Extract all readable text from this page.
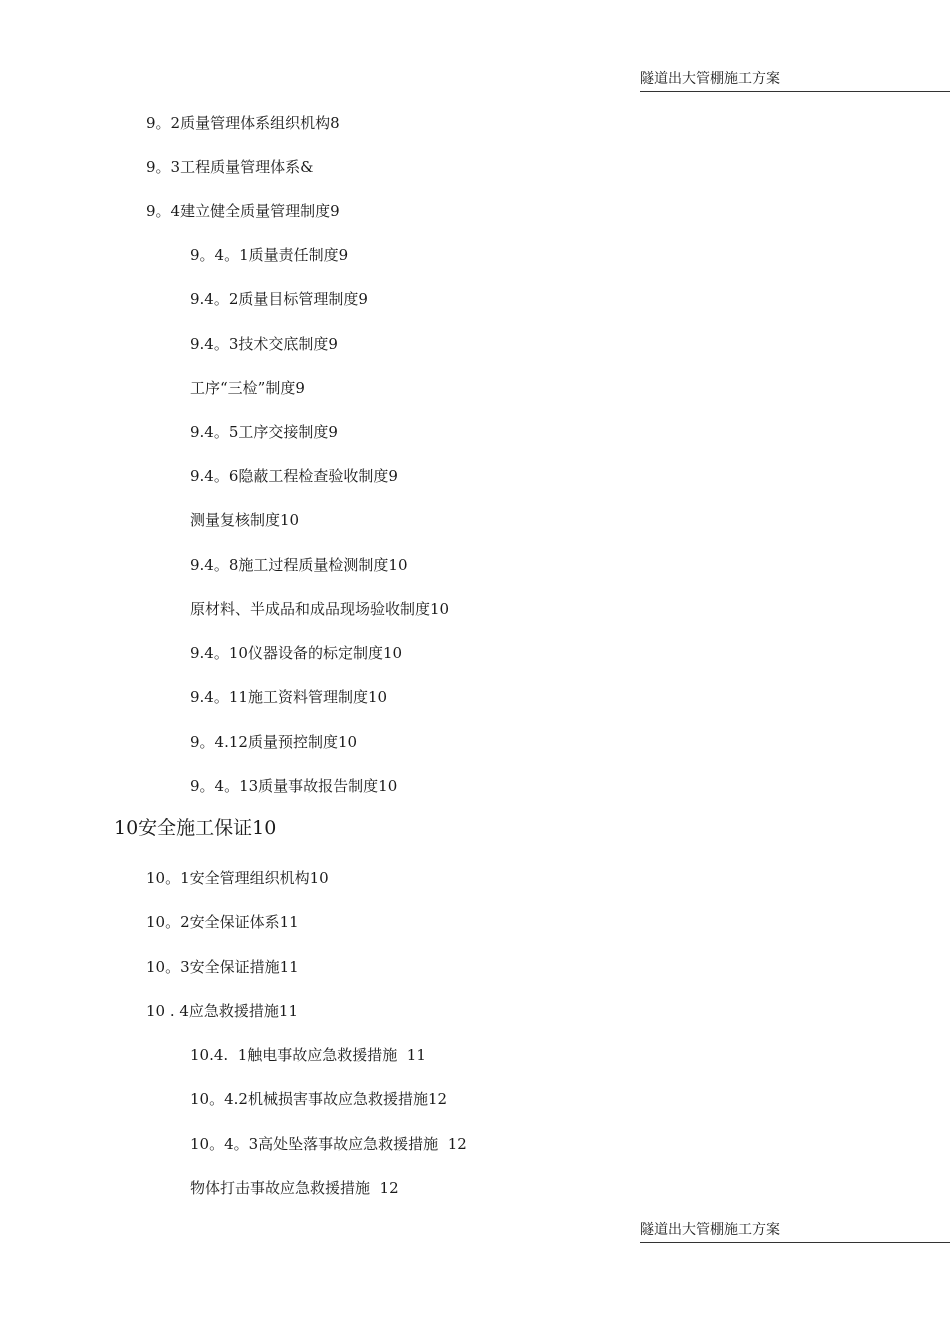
隧道出大管棚施工方案
9。2质量管理体系组织机构8
9。3工程质量管理体系&
9。4建立健全质量管理制度9
9。4。1质量责任制度9
9.4。2质量目标管理制度9
9.4。3技术交底制度9
工序“三检”制度9
9.4。5工序交接制度9
9.4。6隐蔽工程检查验收制度9
测量复核制度10
9.4。8施工过程质量检测制度10
原材料、半成品和成品现场验收制度10
9.4。10仪器设备的标定制度10
9.4。11施工资料管理制度10
9。4.12质量预控制度10
9。4。13质量事故报告制度10
10安全施工保证10
10。1安全管理组织机构10
10。2安全保证体系11
10。3安全保证措施11
10 . 4应急救援措施11
10.4.  1触电事故应急救援措施  11
10。4.2机械损害事故应急救援措施12
10。4。3高处坠落事故应急救援措施  12
物体打击事故应急救援措施  12
隧道出大管棚施工方案
